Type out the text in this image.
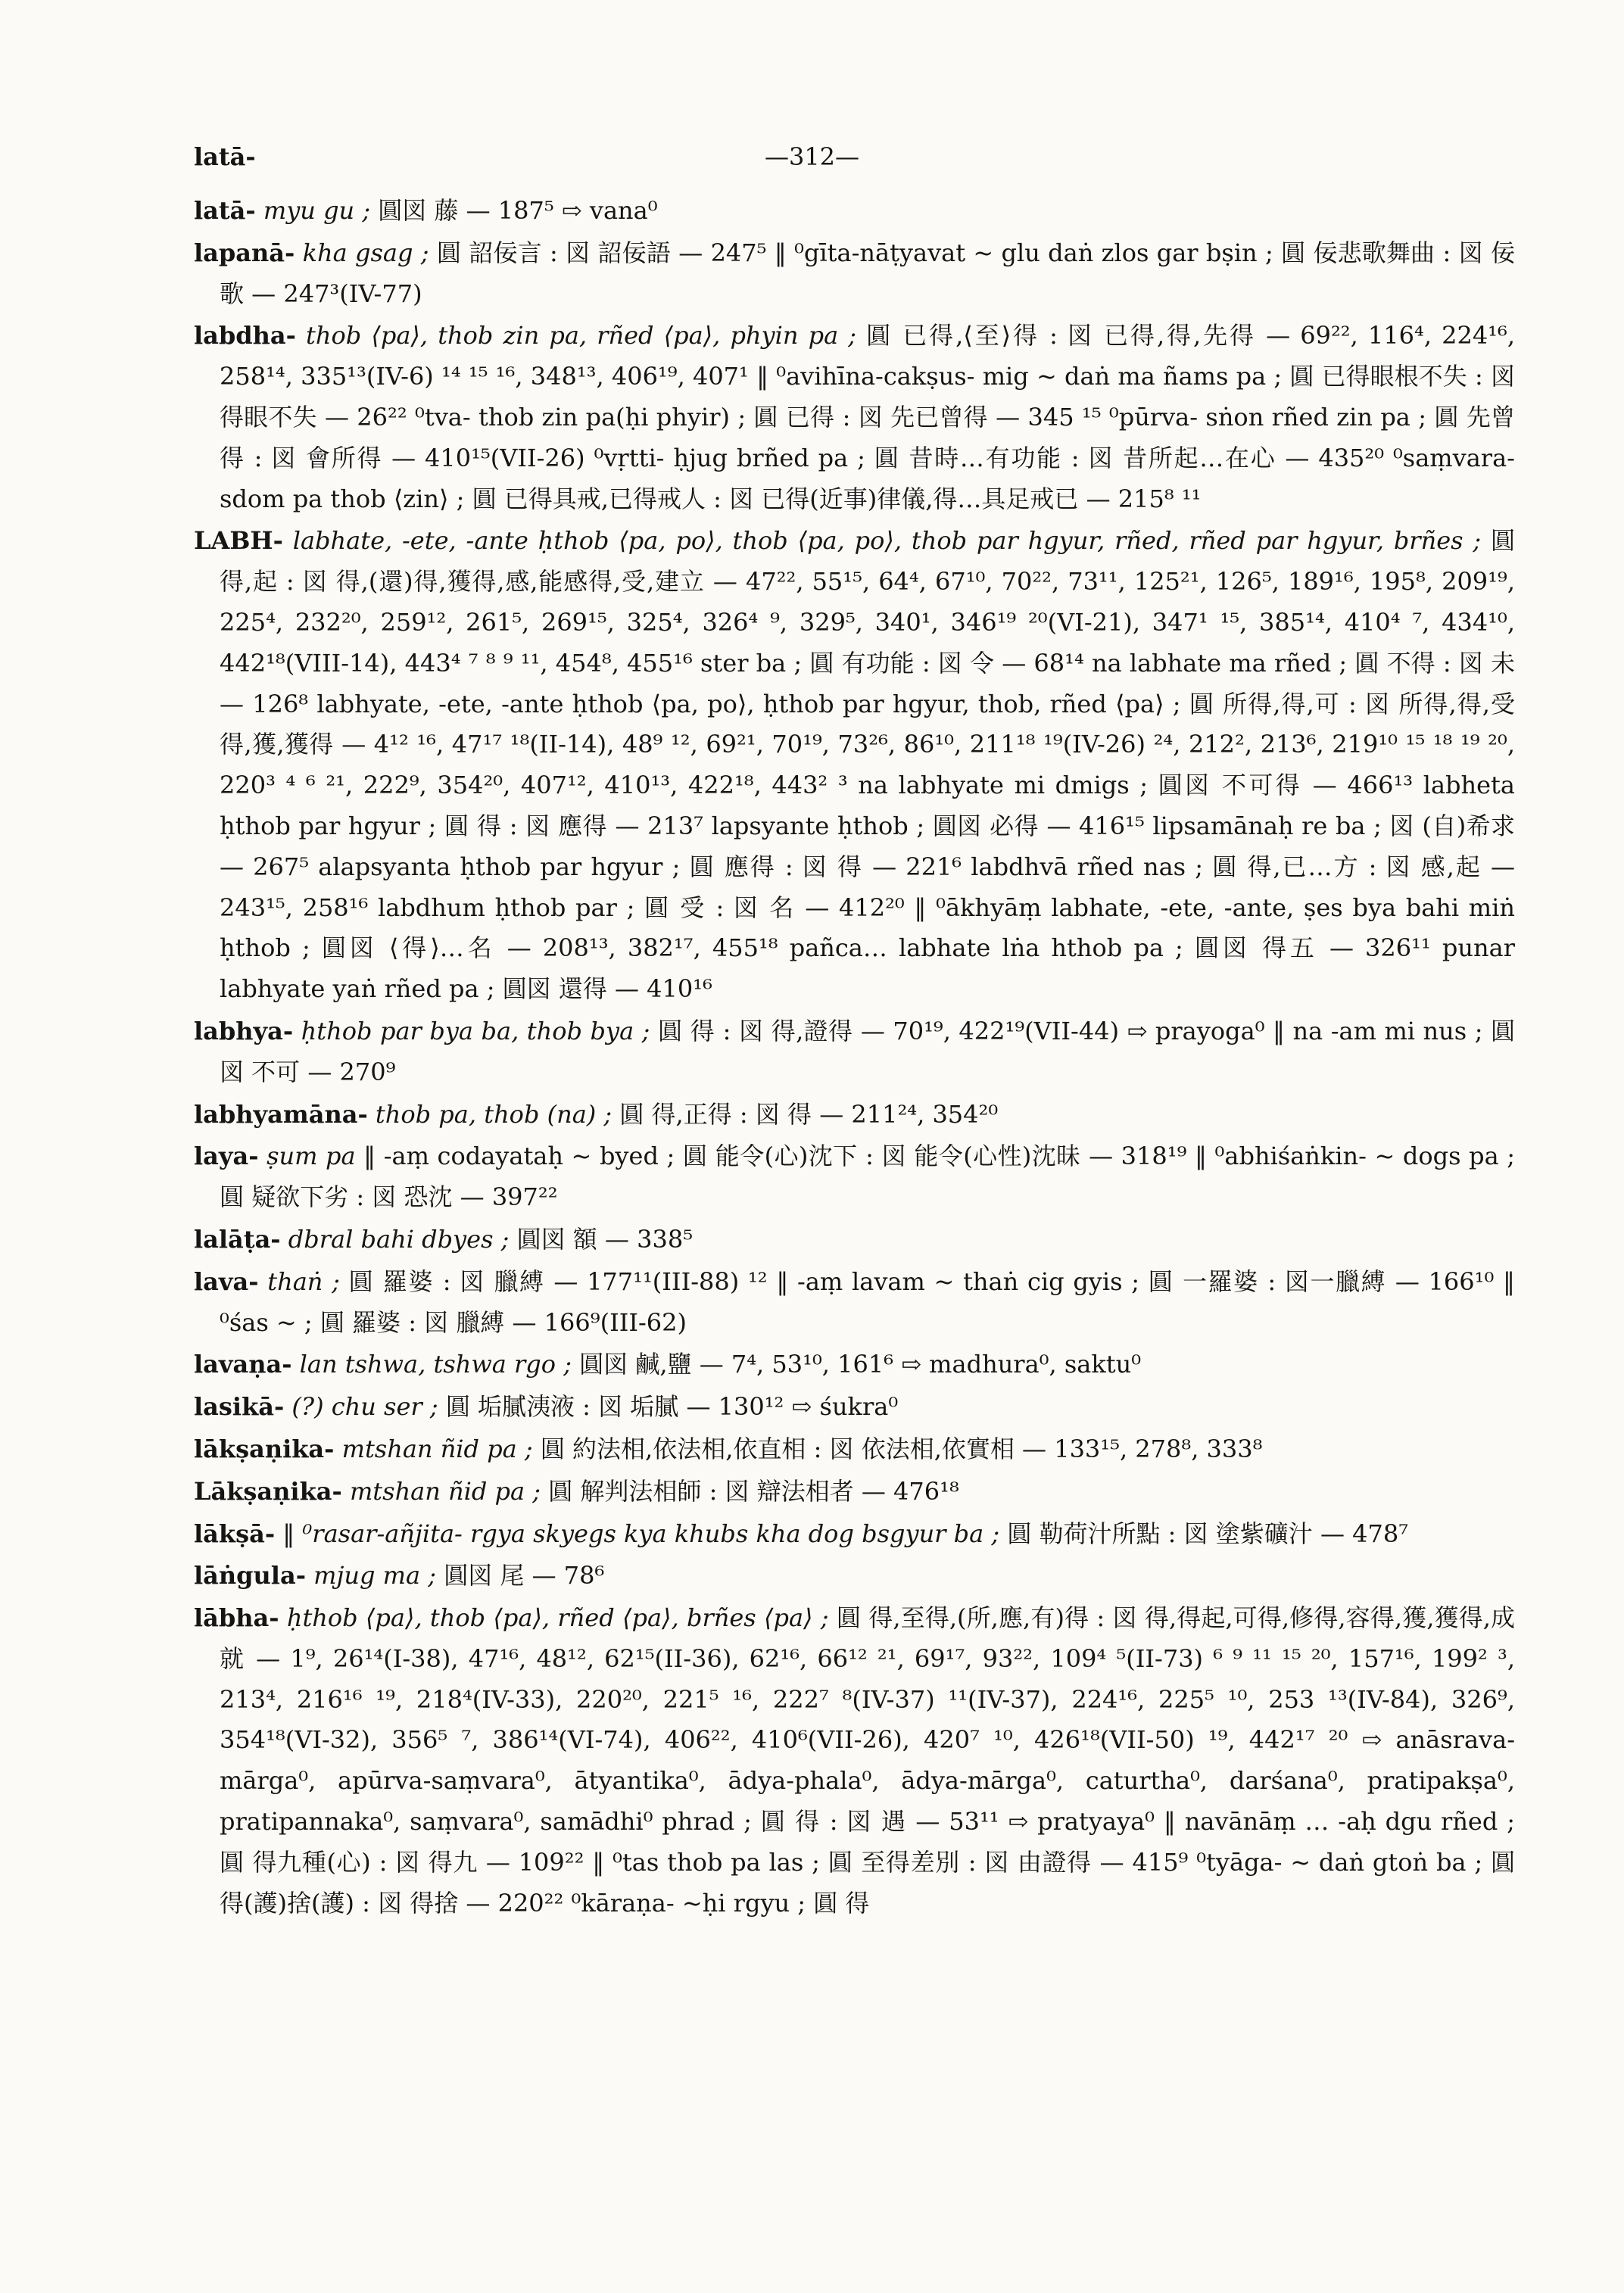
latā-	—312—

latā- myu gu ; 圓図 藤 — 187⁵ ⇨ vana⁰

lapanā- kha gsag ; 圓 詔佞言 : 図 詔佞語 — 247⁵ ‖ ⁰gīta-nāṭyavat ~ glu daṅ zlos gar bṣin ; 圓 佞悲歌舞曲 : 図 佞歌 — 247³(IV-77)

labdha- thob ⟨pa⟩, thob zin pa, rñed ⟨pa⟩, phyin pa ; 圓 已得,⟨至⟩得 : 図 已得,得,先得 — 69²², 116⁴, 224¹⁶, 258¹⁴, 335¹³(IV-6) ¹⁴ ¹⁵ ¹⁶, 348¹³, 406¹⁹, 407¹ ‖ ⁰avihīna-cakṣus- mig ~ daṅ ma ñams pa ; 圓 已得眼根不失 : 図 得眼不失 — 26²² ⁰tva- thob zin pa(ḥi phyir) ; 圓 已得 : 図 先已曾得 — 345 ¹⁵ ⁰pūrva- sṅon rñed zin pa ; 圓 先曾得 : 図 會所得 — 410¹⁵(VII-26) ⁰vṛtti- ḥjug brñed pa ; 圓 昔時…有功能 : 図 昔所起…在心 — 435²⁰ ⁰saṃvara- sdom pa thob ⟨zin⟩ ; 圓 已得具戒,已得戒人 : 図 已得(近事)律儀,得…具足戒已 — 215⁸ ¹¹

LABH- labhate, -ete, -ante ḥthob ⟨pa, po⟩, thob ⟨pa, po⟩, thob par hgyur, rñed, rñed par hgyur, brñes ; 圓 得,起 : 図 得,(還)得,獲得,感,能感得,受,建立 — 47²², 55¹⁵, 64⁴, 67¹⁰, 70²², 73¹¹, 125²¹, 126⁵, 189¹⁶, 195⁸, 209¹⁹, 225⁴, 232²⁰, 259¹², 261⁵, 269¹⁵, 325⁴, 326⁴ ⁹, 329⁵, 340¹, 346¹⁹ ²⁰(VI-21), 347¹ ¹⁵, 385¹⁴, 410⁴ ⁷, 434¹⁰, 442¹⁸(VIII-14), 443⁴ ⁷ ⁸ ⁹ ¹¹, 454⁸, 455¹⁶ ster ba ; 圓 有功能 : 図 令 — 68¹⁴ na labhate ma rñed ; 圓 不得 : 図 未 — 126⁸ labhyate, -ete, -ante ḥthob ⟨pa, po⟩, ḥthob par hgyur, thob, rñed ⟨pa⟩ ; 圓 所得,得,可 : 図 所得,得,受得,獲,獲得 — 4¹² ¹⁶, 47¹⁷ ¹⁸(II-14), 48⁹ ¹², 69²¹, 70¹⁹, 73²⁶, 86¹⁰, 211¹⁸ ¹⁹(IV-26) ²⁴, 212², 213⁶, 219¹⁰ ¹⁵ ¹⁸ ¹⁹ ²⁰, 220³ ⁴ ⁶ ²¹, 222⁹, 354²⁰, 407¹², 410¹³, 422¹⁸, 443² ³ na labhyate mi dmigs ; 圓図 不可得 — 466¹³ labheta ḥthob par hgyur ; 圓 得 : 図 應得 — 213⁷ lapsyante ḥthob ; 圓図 必得 — 416¹⁵ lipsamānaḥ re ba ; 図 (自)希求 — 267⁵ alapsyanta ḥthob par hgyur ; 圓 應得 : 図 得 — 221⁶ labdhvā rñed nas ; 圓 得,已…方 : 図 感,起 — 243¹⁵, 258¹⁶ labdhum ḥthob par ; 圓 受 : 図 名 — 412²⁰ ‖ ⁰ākhyāṃ labhate, -ete, -ante, ṣes bya bahi miṅ ḥthob ; 圓図 ⟨得⟩…名 — 208¹³, 382¹⁷, 455¹⁸ pañca… labhate lṅa hthob pa ; 圓図 得五 — 326¹¹ punar labhyate yaṅ rñed pa ; 圓図 還得 — 410¹⁶

labhya- ḥthob par bya ba, thob bya ; 圓 得 : 図 得,證得 — 70¹⁹, 422¹⁹(VII-44) ⇨ prayoga⁰ ‖ na -am mi nus ; 圓図 不可 — 270⁹

labhyamāna- thob pa, thob (na) ; 圓 得,正得 : 図 得 — 211²⁴, 354²⁰

laya- ṣum pa ‖ -aṃ codayataḥ ~ byed ; 圓 能令(心)沈下 : 図 能令(心性)沈昧 — 318¹⁹ ‖ ⁰abhiśaṅkin- ~ dogs pa ; 圓 疑欲下劣 : 図 恐沈 — 397²²

lalāṭa- dbral bahi dbyes ; 圓図 額 — 338⁵

lava- thaṅ ; 圓 羅婆 : 図 臘縛 — 177¹¹(III-88) ¹² ‖ -aṃ lavam ~ thaṅ cig gyis ; 圓 一羅婆 : 図一臘縛 — 166¹⁰ ‖ ⁰śas ~ ; 圓 羅婆 : 図 臘縛 — 166⁹(III-62)

lavaṇa- lan tshwa, tshwa rgo ; 圓図 鹹,鹽 — 7⁴, 53¹⁰, 161⁶ ⇨ madhura⁰, saktu⁰

lasikā- (?) chu ser ; 圓 垢膩洟液 : 図 垢膩 — 130¹² ⇨ śukra⁰

lākṣaṇika- mtshan ñid pa ; 圓 約法相,依法相,依直相 : 図 依法相,依實相 — 133¹⁵, 278⁸, 333⁸

Lākṣaṇika- mtshan ñid pa ; 圓 解判法相師 : 図 辯法相者 — 476¹⁸

lākṣā- ‖ ⁰rasar-añjita- rgya skyegs kya khubs kha dog bsgyur ba ; 圓 勒荷汁所點 : 図 塗紫礦汁 — 478⁷

lāṅgula- mjug ma ; 圓図 尾 — 78⁶

lābha- ḥthob ⟨pa⟩, thob ⟨pa⟩, rñed ⟨pa⟩, brñes ⟨pa⟩ ; 圓 得,至得,(所,應,有)得 : 図 得,得起,可得,修得,容得,獲,獲得,成就 — 1⁹, 26¹⁴(I-38), 47¹⁶, 48¹², 62¹⁵(II-36), 62¹⁶, 66¹² ²¹, 69¹⁷, 93²², 109⁴ ⁵(II-73) ⁶ ⁹ ¹¹ ¹⁵ ²⁰, 157¹⁶, 199² ³, 213⁴, 216¹⁶ ¹⁹, 218⁴(IV-33), 220²⁰, 221⁵ ¹⁶, 222⁷ ⁸(IV-37) ¹¹(IV-37), 224¹⁶, 225⁵ ¹⁰, 253 ¹³(IV-84), 326⁹, 354¹⁸(VI-32), 356⁵ ⁷, 386¹⁴(VI-74), 406²², 410⁶(VII-26), 420⁷ ¹⁰, 426¹⁸(VII-50) ¹⁹, 442¹⁷ ²⁰ ⇨ anāsrava-mārga⁰, apūrva-saṃvara⁰, ātyantika⁰, ādya-phala⁰, ādya-mārga⁰, caturtha⁰, darśana⁰, pratipakṣa⁰, pratipannaka⁰, saṃvara⁰, samādhi⁰ phrad ; 圓 得 : 図 遇 — 53¹¹ ⇨ pratyaya⁰ ‖ navānāṃ … -aḥ dgu rñed ; 圓 得九種(心) : 図 得九 — 109²² ‖ ⁰tas thob pa las ; 圓 至得差別 : 図 由證得 — 415⁹ ⁰tyāga- ~ daṅ gtoṅ ba ; 圓 得(護)捨(護) : 図 得捨 — 220²² ⁰kāraṇa- ~ḥi rgyu ; 圓 得
